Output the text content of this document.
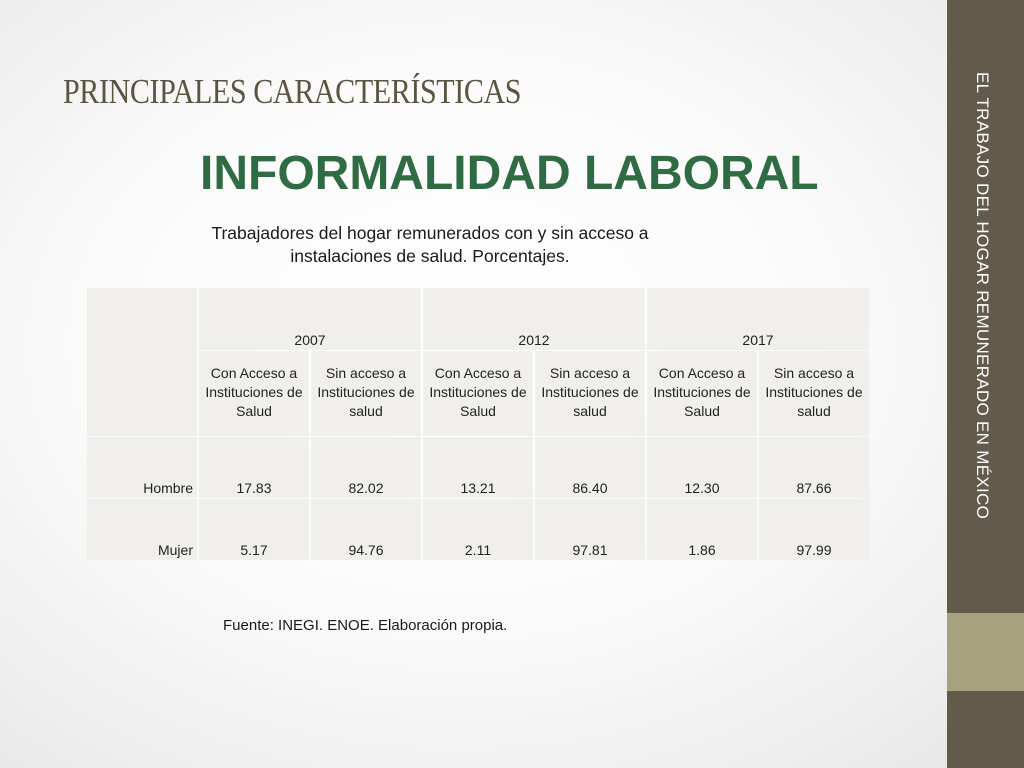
PRINCIPALES CARACTERÍSTICAS
INFORMALIDAD LABORAL
Trabajadores del hogar remunerados con y sin acceso a instalaciones de salud. Porcentajes.
	2007		2012		2017	
	Con Acceso a Instituciones de Salud	Sin acceso a Instituciones de salud	Con Acceso a Instituciones de Salud	Sin acceso a Instituciones de salud	Con Acceso a Instituciones de Salud	Sin acceso a Instituciones de salud
Hombre	17.83	82.02	13.21	86.40	12.30	87.66
Mujer	5.17	94.76	2.11	97.81	1.86	97.99
Fuente: INEGI. ENOE. Elaboración propia.
EL TRABAJO DEL HOGAR REMUNERADO EN MÉXICO
